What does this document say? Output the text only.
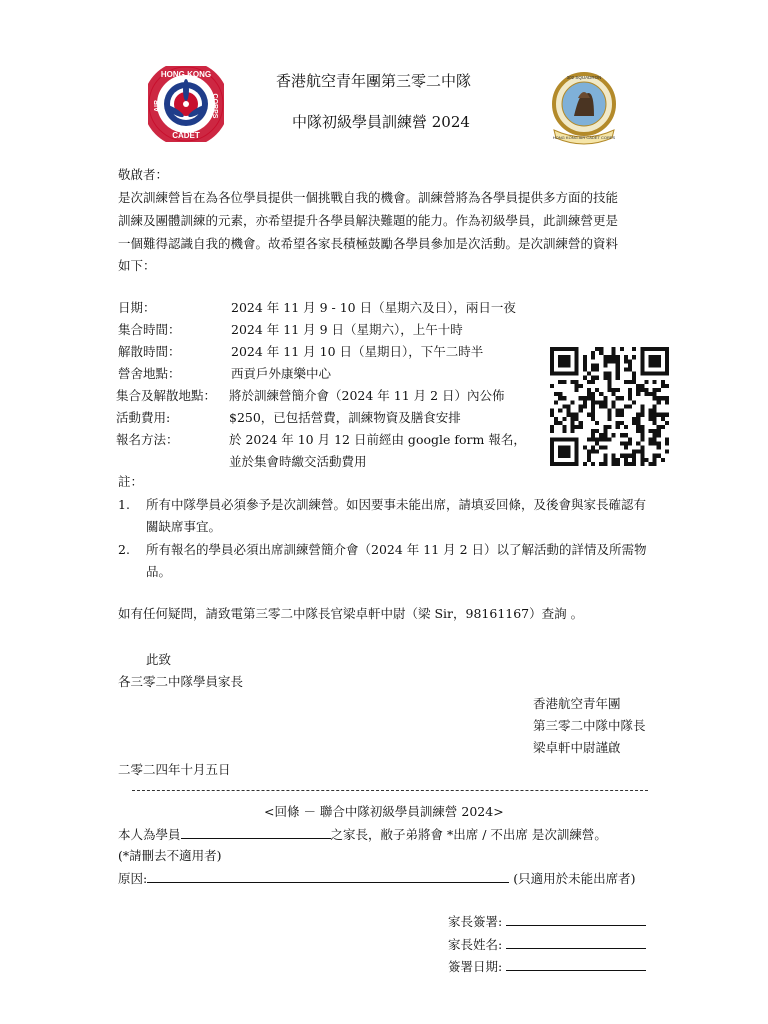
HONG KONG
CADET
AIR	CORPS
302 SQUADRON
HONG KONG AIR CADET CORPS
香港航空青年團第三零二中隊
中隊初級學員訓練營 2024
敬啟者：
是次訓練營旨在為各位學員提供一個挑戰自我的機會。訓練營將為各學員提供多方面的技能
訓練及團體訓練的元素，亦希望提升各學員解決難題的能力。作為初級學員，此訓練營更是
一個難得認識自我的機會。故希望各家長積極鼓勵各學員參加是次活動。是次訓練營的資料
如下：
日期：	2024 年 11 月 9 - 10 日（星期六及日），兩日一夜
集合時間：	2024 年 11 月 9 日（星期六），上午十時
解散時間：	2024 年 11 月 10 日（星期日），下午二時半
營舍地點：	西貢戶外康樂中心
集合及解散地點： 將於訓練營簡介會（2024 年 11 月 2 日）內公佈
活動費用:	$250，已包括營費，訓練物資及膳食安排
報名方法：	於 2024 年 10 月 12 日前經由 google form 報名，
並於集會時繳交活動費用
註：
1. 所有中隊學員必須參予是次訓練營。如因要事未能出席，請填妥回條，及後會與家長確認有
關缺席事宜。
2. 所有報名的學員必須出席訓練營簡介會（2024 年 11 月 2 日）以了解活動的詳情及所需物
品。
如有任何疑問，請致電第三零二中隊長官梁卓軒中尉（梁 Sir，98161167）查詢 。
此致
各三零二中隊學員家長
香港航空青年團
第三零二中隊中隊長
梁卓軒中尉謹啟
二零二四年十月五日
<回條 － 聯合中隊初級學員訓練營 2024>
本人為學員	之家長，敝子弟將會 *出席 / 不出席 是次訓練營。
(*請刪去不適用者)
原因:	(只適用於未能出席者)
家長簽署:
家長姓名:
簽署日期:
